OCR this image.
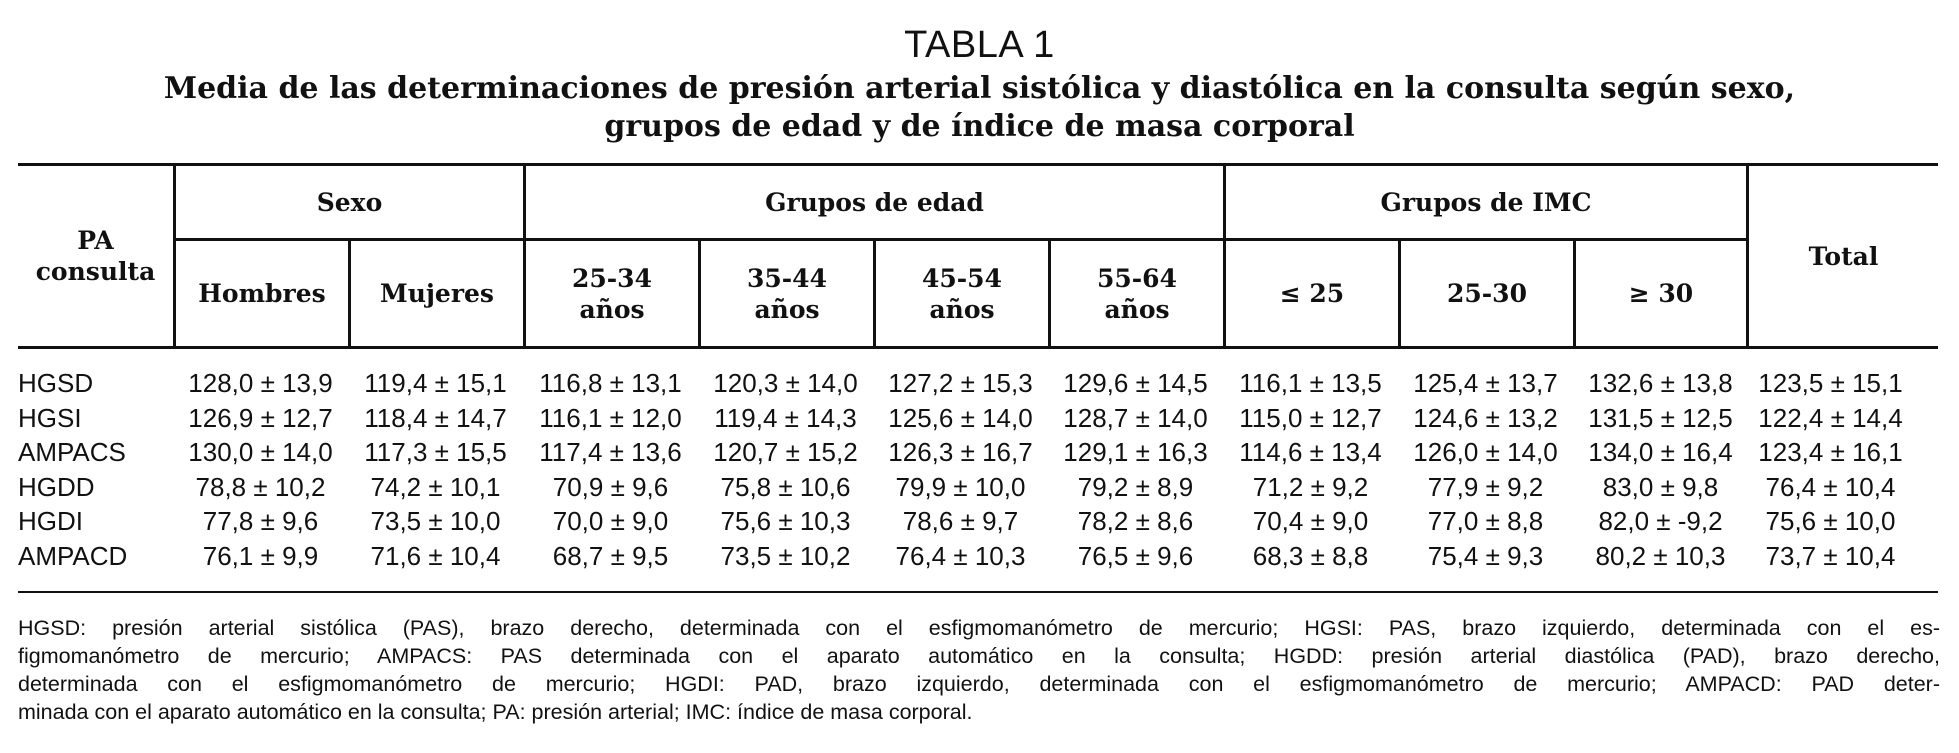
TABLA 1
Media de las determinaciones de presión arterial sistólica y diastólica en la consulta según sexo,
grupos de edad y de índice de masa corporal
PA
consulta
Sexo	Grupos de edad	Grupos de IMC
Total
Hombres Mujeres
25-34
años
35-44
años
45-54
años
55-64
años
≤ 25	25-30	≥ 30
HGSD	128,0 ± 13,9	119,4 ± 15,1	116,8 ± 13,1	120,3 ± 14,0	127,2 ± 15,3	129,6 ± 14,5	116,1 ± 13,5	125,4 ± 13,7	132,6 ± 13,8 123,5 ± 15,1
HGSI	126,9 ± 12,7	118,4 ± 14,7	116,1 ± 12,0	119,4 ± 14,3	125,6 ± 14,0	128,7 ± 14,0	115,0 ± 12,7	124,6 ± 13,2	131,5 ± 12,5 122,4 ± 14,4
AMPACS	130,0 ± 14,0	117,3 ± 15,5	117,4 ± 13,6	120,7 ± 15,2	126,3 ± 16,7	129,1 ± 16,3	114,6 ± 13,4	126,0 ± 14,0	134,0 ± 16,4 123,4 ± 16,1
HGDD	78,8 ± 10,2	74,2 ± 10,1	70,9 ± 9,6	75,8 ± 10,6	79,9 ± 10,0	79,2 ± 8,9	71,2 ± 9,2	77,9 ± 9,2	83,0 ± 9,8	76,4 ± 10,4
HGDI	77,8 ± 9,6	73,5 ± 10,0	70,0 ± 9,0	75,6 ± 10,3	78,6 ± 9,7	78,2 ± 8,6	70,4 ± 9,0	77,0 ± 8,8	82,0 ± -9,2	75,6 ± 10,0
AMPACD	76,1 ± 9,9	71,6 ± 10,4	68,7 ± 9,5	73,5 ± 10,2	76,4 ± 10,3	76,5 ± 9,6	68,3 ± 8,8	75,4 ± 9,3	80,2 ± 10,3	73,7 ± 10,4
HGSD: presión arterial sistólica (PAS), brazo derecho, determinada con el esfigmomanómetro de mercurio; HGSI: PAS, brazo izquierdo, determinada con el es-
figmomanómetro de mercurio; AMPACS: PAS determinada con el aparato automático en la consulta; HGDD: presión arterial diastólica (PAD), brazo derecho,
determinada con el esfigmomanómetro de mercurio; HGDI: PAD, brazo izquierdo, determinada con el esfigmomanómetro de mercurio; AMPACD: PAD deter-
minada con el aparato automático en la consulta; PA: presión arterial; IMC: índice de masa corporal.
